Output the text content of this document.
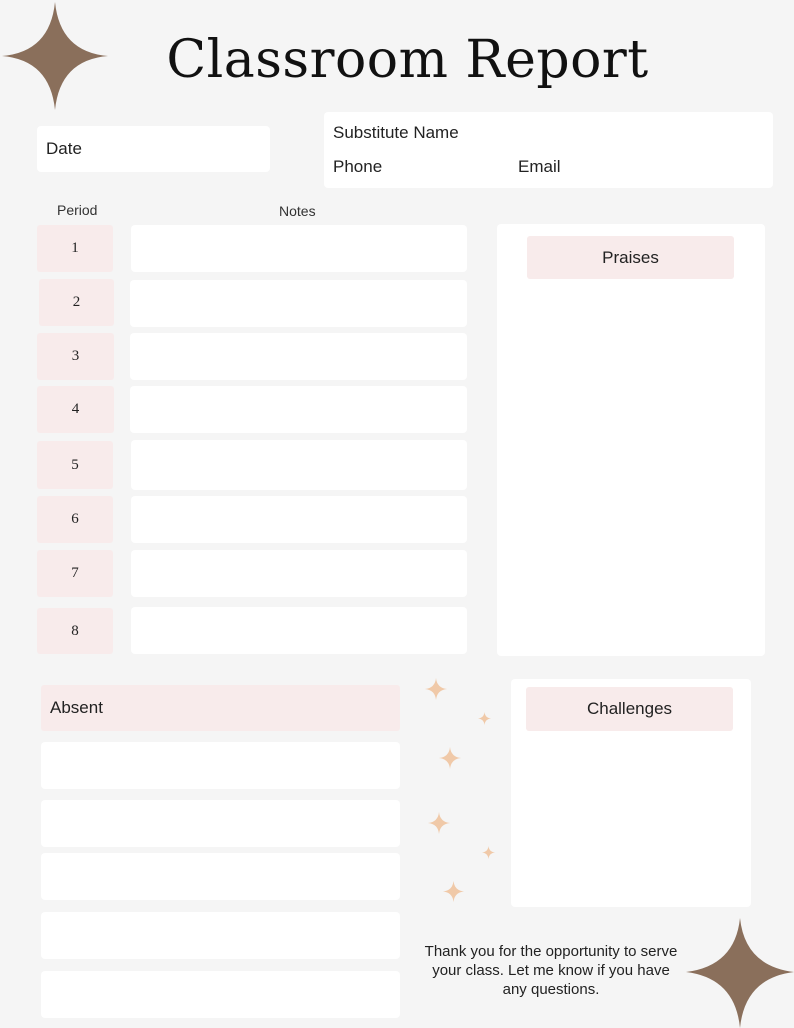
Classroom Report
Date
Substitute Name
Phone	Email
Period	Notes
1
2
3
4
5
6
7
8
Praises
Absent	Challenges
Thank you for the opportunity to serve your class. Let me know if you have any questions.
